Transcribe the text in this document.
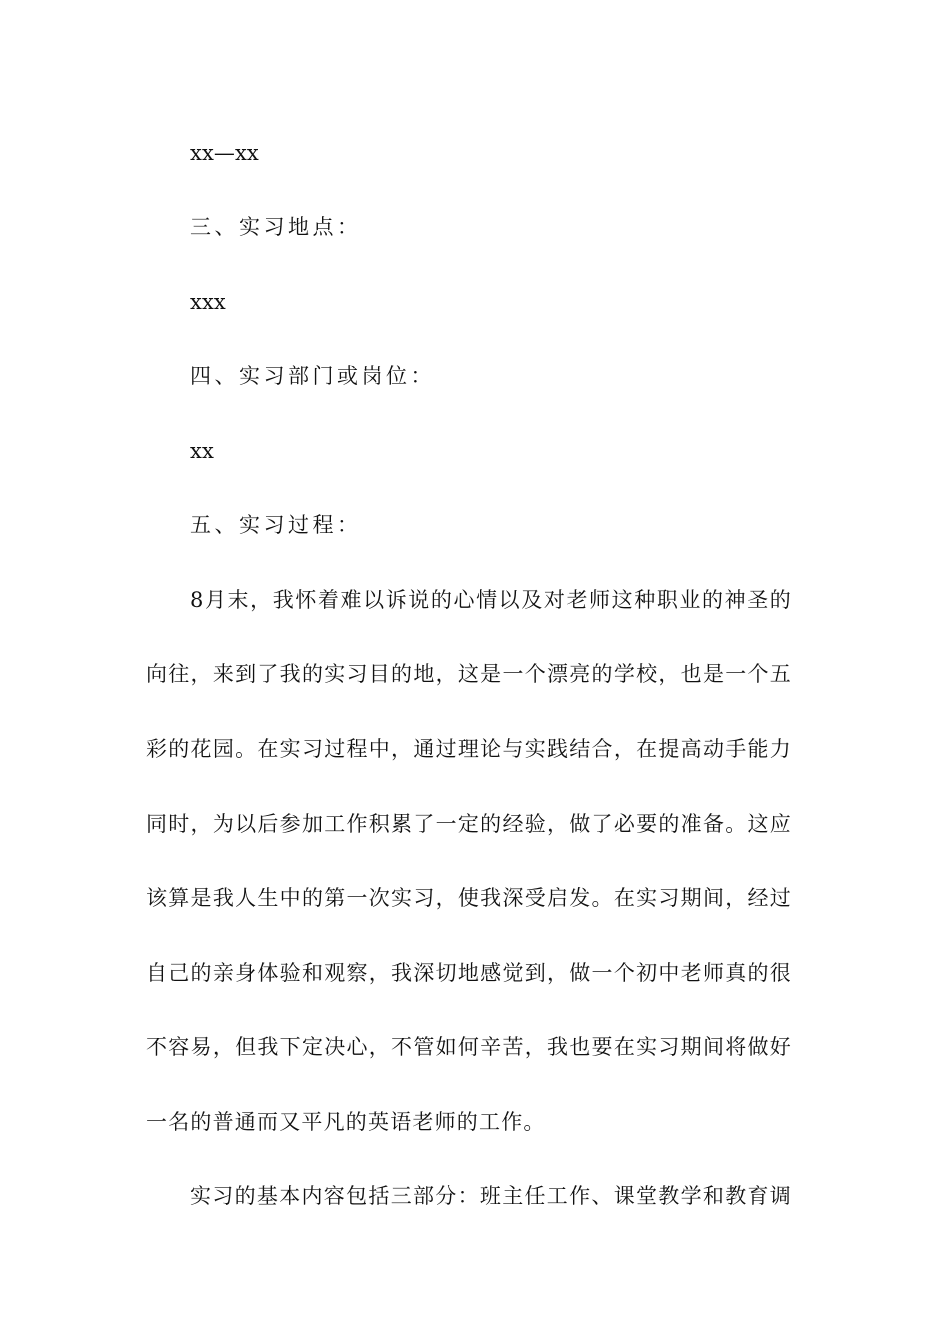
xx—xx
三、实习地点：
xxx
四、实习部门或岗位：
xx
五、实习过程：
8月末，我怀着难以诉说的心情以及对老师这种职业的神圣的
向往，来到了我的实习目的地，这是一个漂亮的学校，也是一个五
彩的花园。在实习过程中，通过理论与实践结合，在提高动手能力
同时，为以后参加工作积累了一定的经验，做了必要的准备。这应
该算是我人生中的第一次实习，使我深受启发。在实习期间，经过
自己的亲身体验和观察，我深切地感觉到，做一个初中老师真的很
不容易，但我下定决心，不管如何辛苦，我也要在实习期间将做好
一名的普通而又平凡的英语老师的工作。
实习的基本内容包括三部分：班主任工作、课堂教学和教育调
